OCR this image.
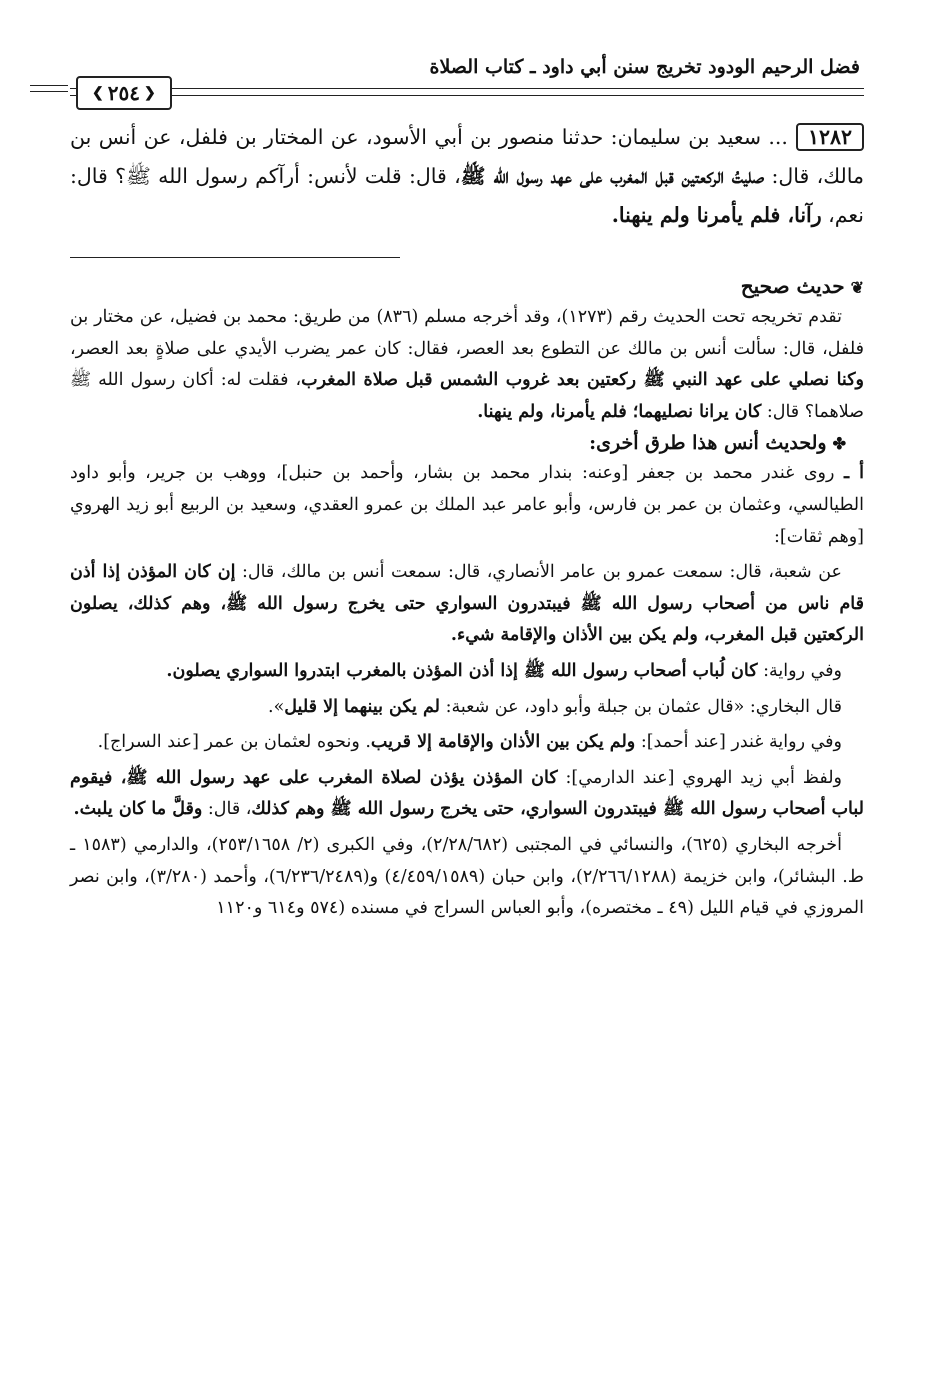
فضل الرحيم الودود تخريج سنن أبي داود ـ كتاب الصلاة
❮ ٢٥٤
❯
١٢٨٢... سعيد بن سليمان: حدثنا منصور بن أبي الأسود، عن المختار بن فلفل، عن أنس بن مالك، قال: صليتُ الركعتين قبل المغرب على عهد رسول الله ﷺ، قال: قلت لأنس: أرآكم رسول الله ﷺ؟ قال: نعم، رآنا، فلم يأمرنا ولم ينهنا.
❦حديث صحيح

تقدم تخريجه تحت الحديث رقم (١٢٧٣)، وقد أخرجه مسلم (٨٣٦) من طريق: محمد بن فضيل، عن مختار بن فلفل، قال: سألت أنس بن مالك عن التطوع بعد العصر، فقال: كان عمر يضرب الأيدي على صلاةٍ بعد العصر، وكنا نصلي على عهد النبي ﷺ ركعتين بعد غروب الشمس قبل صلاة المغرب، فقلت له: أكان رسول الله ﷺ صلاهما؟ قال: كان يرانا نصليهما؛ فلم يأمرنا، ولم ينهنا.

✤ولحديث أنس هذا طرق أخرى:

أ ـ روى غندر محمد بن جعفر [وعنه: بندار محمد بن بشار، وأحمد بن حنبل]، ووهب بن جرير، وأبو داود الطيالسي، وعثمان بن عمر بن فارس، وأبو عامر عبد الملك بن عمرو العقدي، وسعيد بن الربيع أبو زيد الهروي [وهم ثقات]:

عن شعبة، قال: سمعت عمرو بن عامر الأنصاري، قال: سمعت أنس بن مالك، قال: إن كان المؤذن إذا أذن قام ناس من أصحاب رسول الله ﷺ فيبتدرون السواري حتى يخرج رسول الله ﷺ، وهم كذلك، يصلون الركعتين قبل المغرب، ولم يكن بين الأذان والإقامة شيء.

وفي رواية: كان لُباب أصحاب رسول الله ﷺ إذا أذن المؤذن بالمغرب ابتدروا السواري يصلون.

قال البخاري: «قال عثمان بن جبلة وأبو داود، عن شعبة: لم يكن بينهما إلا قليل».

وفي رواية غندر [عند أحمد]: ولم يكن بين الأذان والإقامة إلا قريب. ونحوه لعثمان بن عمر [عند السراج].

ولفظ أبي زيد الهروي [عند الدارمي]: كان المؤذن يؤذن لصلاة المغرب على عهد رسول الله ﷺ، فيقوم لباب أصحاب رسول الله ﷺ فيبتدرون السواري، حتى يخرج رسول الله ﷺ وهم كذلك، قال: وقلَّ ما كان يلبث.

أخرجه البخاري (٦٢٥)، والنسائي في المجتبى (٢/٢٨/٦٨٢)، وفي الكبرى (٢/ ٢٥٣/١٦٥٨)، والدارمي (١٥٨٣ ـ ط. البشائر)، وابن خزيمة (٢/٢٦٦/١٢٨٨)، وابن حبان (٤/٤٥٩/١٥٨٩) و(٦/٢٣٦/٢٤٨٩)، وأحمد (٣/٢٨٠)، وابن نصر المروزي في قيام الليل (٤٩ ـ مختصره)، وأبو العباس السراج في مسنده (٥٧٤ و٦١٤ و١١٢٠
